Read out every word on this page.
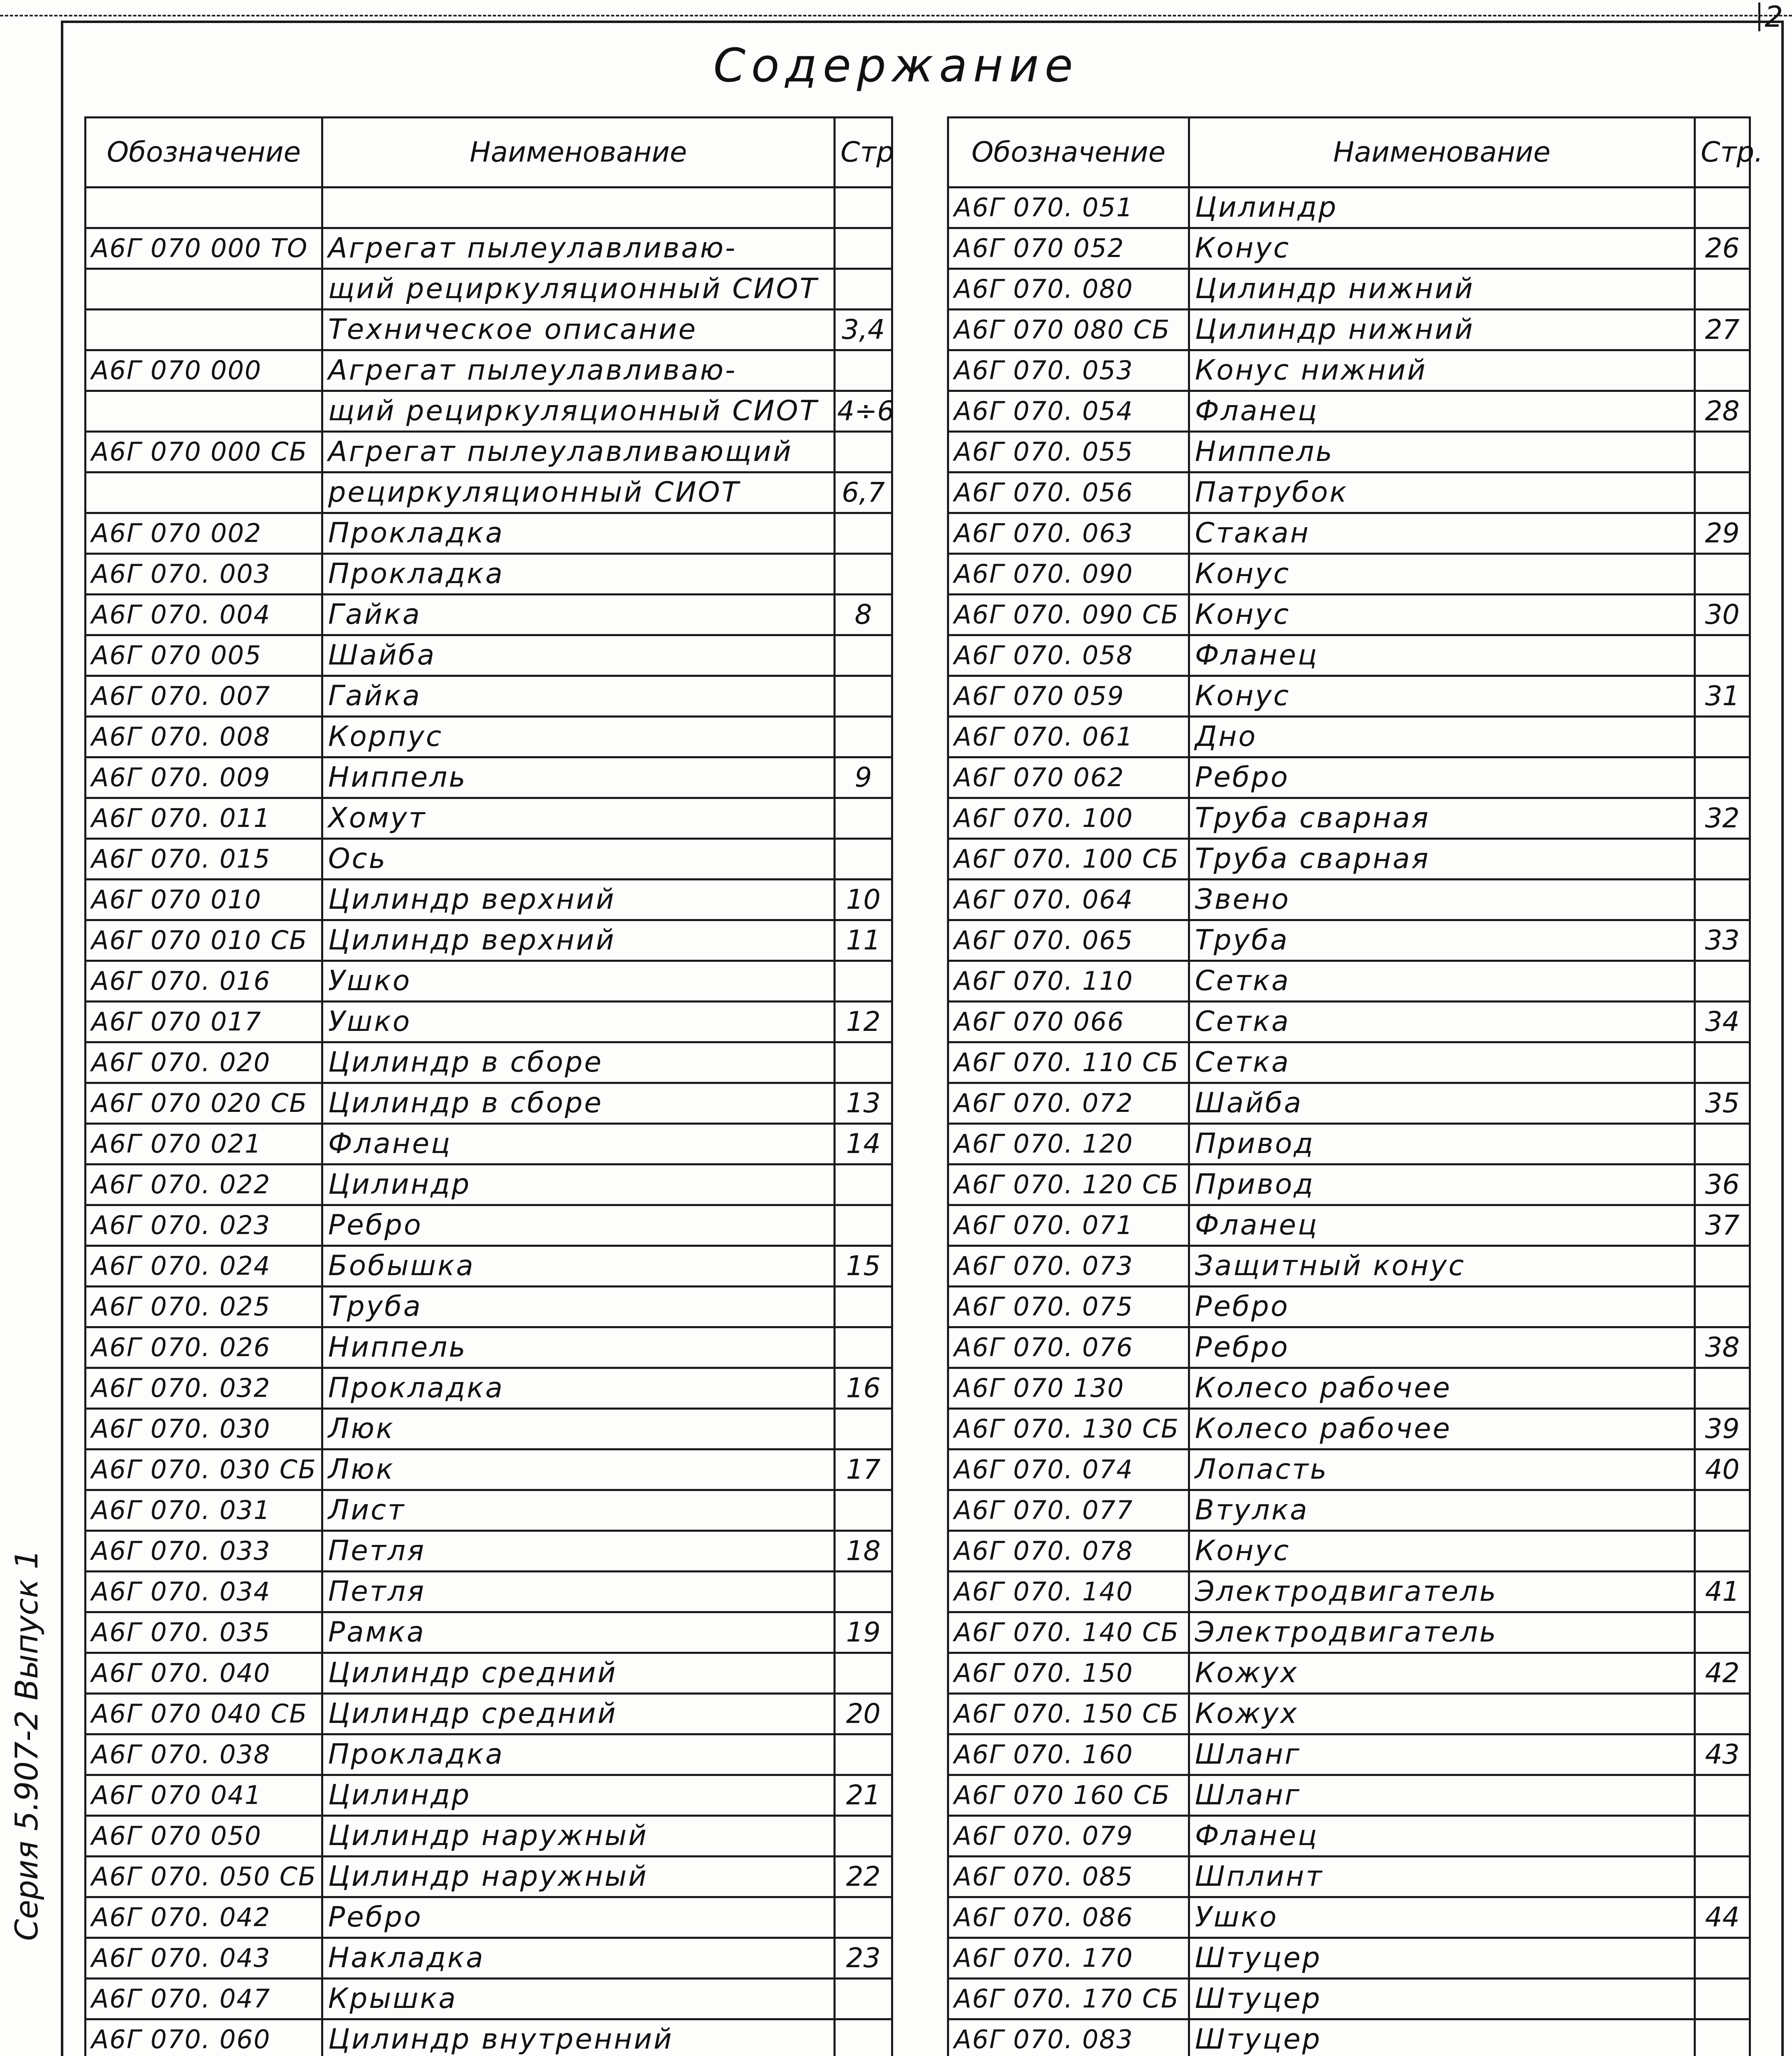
2
Содержание
Серия 5.907-2 Выпуск 1
Обозначение	Наименование	Стр

А6Г 070 000 ТО	Агрегат пылеулавливаю-	
	щий рециркуляционный СИОТ	
	Техническое описание	3,4
А6Г 070 000	Агрегат пылеулавливаю-	
	щий рециркуляционный СИОТ	4÷6
А6Г 070 000 СБ	Агрегат пылеулавливающий	
	рециркуляционный СИОТ	6,7
А6Г 070 002	Прокладка	
А6Г 070. 003	Прокладка	
А6Г 070. 004	Гайка	8
А6Г 070 005	Шайба	
А6Г 070. 007	Гайка	
А6Г 070. 008	Корпус	
А6Г 070. 009	Ниппель	9
А6Г 070. 011	Хомут	
А6Г 070. 015	Ось	
А6Г 070 010	Цилиндр верхний	10
А6Г 070 010 СБ	Цилиндр верхний	11
А6Г 070. 016	Ушко	
А6Г 070 017	Ушко	12
А6Г 070. 020	Цилиндр в сборе	
А6Г 070 020 СБ	Цилиндр в сборе	13
А6Г 070 021	Фланец	14
А6Г 070. 022	Цилиндр	
А6Г 070. 023	Ребро	
А6Г 070. 024	Бобышка	15
А6Г 070. 025	Труба	
А6Г 070. 026	Ниппель	
А6Г 070. 032	Прокладка	16
А6Г 070. 030	Люк	
А6Г 070. 030 СБ	Люк	17
А6Г 070. 031	Лист	
А6Г 070. 033	Петля	18
А6Г 070. 034	Петля	
А6Г 070. 035	Рамка	19
А6Г 070. 040	Цилиндр средний	
А6Г 070 040 СБ	Цилиндр средний	20
А6Г 070. 038	Прокладка	
А6Г 070 041	Цилиндр	21
А6Г 070 050	Цилиндр наружный	
А6Г 070. 050 СБ	Цилиндр наружный	22
А6Г 070. 042	Ребро	
А6Г 070. 043	Накладка	23
А6Г 070. 047	Крышка	
А6Г 070. 060	Цилиндр внутренний	

Обозначение	Наименование	Стр.
А6Г 070. 051	Цилиндр	
А6Г 070 052	Конус	26
А6Г 070. 080	Цилиндр нижний	
А6Г 070 080 СБ	Цилиндр нижний	27
А6Г 070. 053	Конус нижний	
А6Г 070. 054	Фланец	28
А6Г 070. 055	Ниппель	
А6Г 070. 056	Патрубок	
А6Г 070. 063	Стакан	29
А6Г 070. 090	Конус	
А6Г 070. 090 СБ	Конус	30
А6Г 070. 058	Фланец	
А6Г 070 059	Конус	31
А6Г 070. 061	Дно	
А6Г 070 062	Ребро	
А6Г 070. 100	Труба сварная	32
А6Г 070. 100 СБ	Труба сварная	
А6Г 070. 064	Звено	
А6Г 070. 065	Труба	33
А6Г 070. 110	Сетка	
А6Г 070 066	Сетка	34
А6Г 070. 110 СБ	Сетка	
А6Г 070. 072	Шайба	35
А6Г 070. 120	Привод	
А6Г 070. 120 СБ	Привод	36
А6Г 070. 071	Фланец	37
А6Г 070. 073	Защитный конус	
А6Г 070. 075	Ребро	
А6Г 070. 076	Ребро	38
А6Г 070 130	Колесо рабочее	
А6Г 070. 130 СБ	Колесо рабочее	39
А6Г 070. 074	Лопасть	40
А6Г 070. 077	Втулка	
А6Г 070. 078	Конус	
А6Г 070. 140	Электродвигатель	41
А6Г 070. 140 СБ	Электродвигатель	
А6Г 070. 150	Кожух	42
А6Г 070. 150 СБ	Кожух	
А6Г 070. 160	Шланг	43
А6Г 070 160 СБ	Шланг	
А6Г 070. 079	Фланец	
А6Г 070. 085	Шплинт	
А6Г 070. 086	Ушко	44
А6Г 070. 170	Штуцер	
А6Г 070. 170 СБ	Штуцер	
А6Г 070. 083	Штуцер	
